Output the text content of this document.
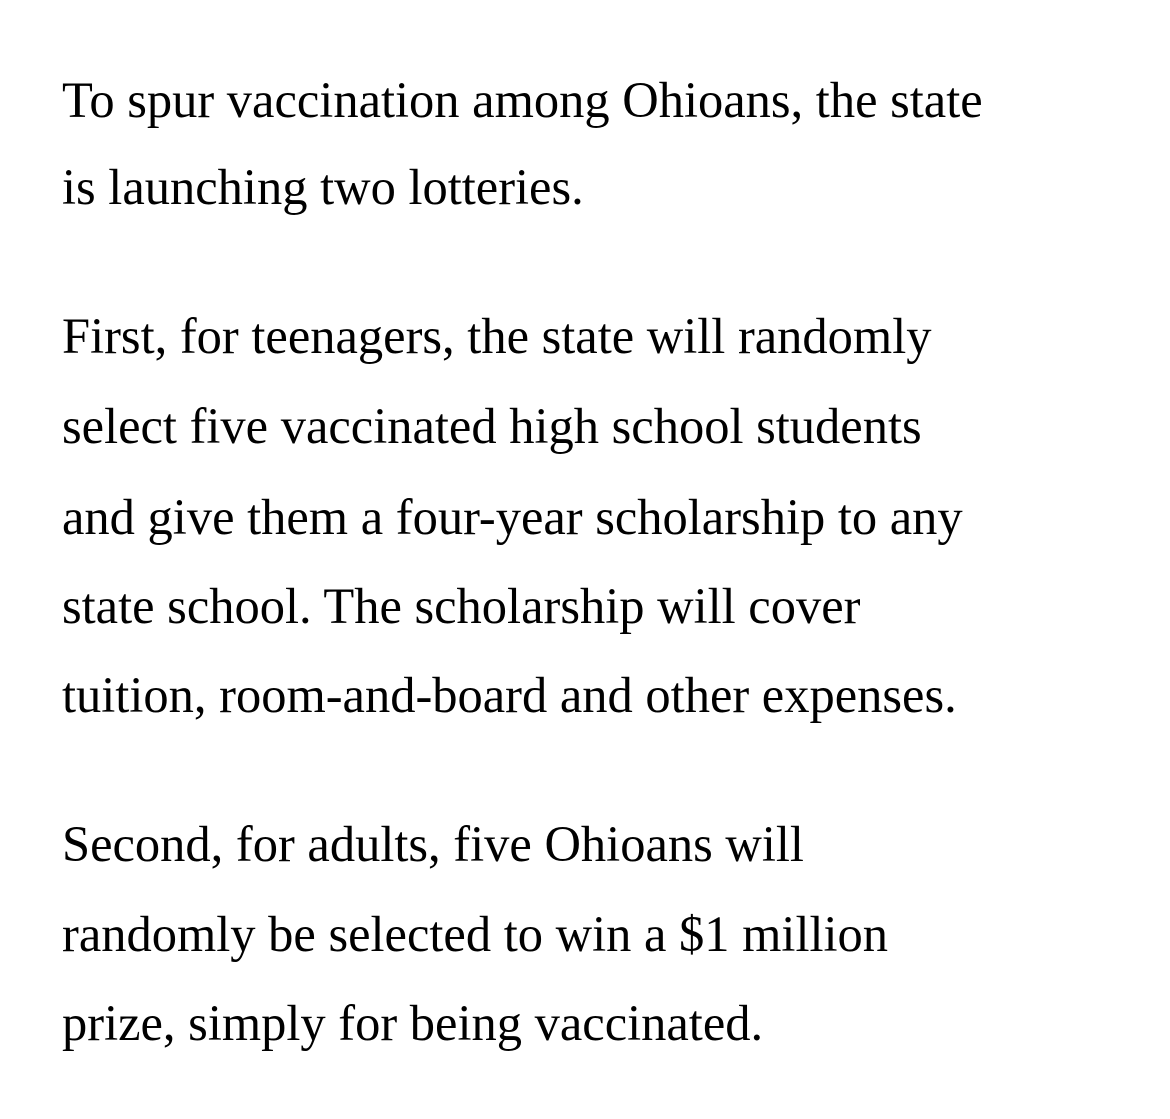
To spur vaccination among Ohioans, the state
is launching two lotteries.
First, for teenagers, the state will randomly
select five vaccinated high school students
and give them a four-year scholarship to any
state school. The scholarship will cover
tuition, room-and-board and other expenses.
Second, for adults, five Ohioans will
randomly be selected to win a $1 million
prize, simply for being vaccinated.
